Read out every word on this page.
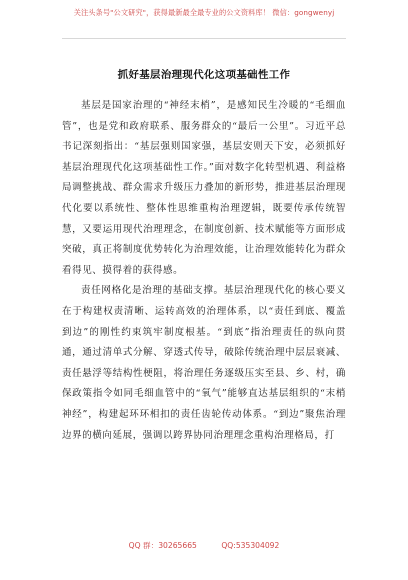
关注头条号"公文研究"，获得最新最全最专业的公文资料库！ 微信：gongwenyj
抓好基层治理现代化这项基础性工作

基层是国家治理的“神经末梢”，是感知民生冷暖的“毛细血管”，也是党和政府联系、服务群众的“最后一公里”。习近平总书记深刻指出：“基层强则国家强，基层安则天下安，必须抓好基层治理现代化这项基础性工作。”面对数字化转型机遇、利益格局调整挑战、群众需求升级压力叠加的新形势，推进基层治理现代化要以系统性、整体性思维重构治理逻辑，既要传承传统智慧，又要运用现代治理理念，在制度创新、技术赋能等方面形成突破，真正将制度优势转化为治理效能，让治理效能转化为群众看得见、摸得着的获得感。

责任网格化是治理的基础支撑。基层治理现代化的核心要义在于构建权责清晰、运转高效的治理体系，以“责任到底、覆盖到边”的刚性约束筑牢制度根基。“到底”指治理责任的纵向贯通，通过清单式分解、穿透式传导，破除传统治理中层层衰减、责任悬浮等结构性梗阻，将治理任务逐级压实至县、乡、村，确保政策指令如同毛细血管中的“氧气”能够直达基层组织的“末梢神经”，构建起环环相扣的责任齿轮传动体系。“到边”聚焦治理边界的横向延展，强调以跨界协同治理理念重构治理格局，打

QQ 群：30265665	QQ:535304092
